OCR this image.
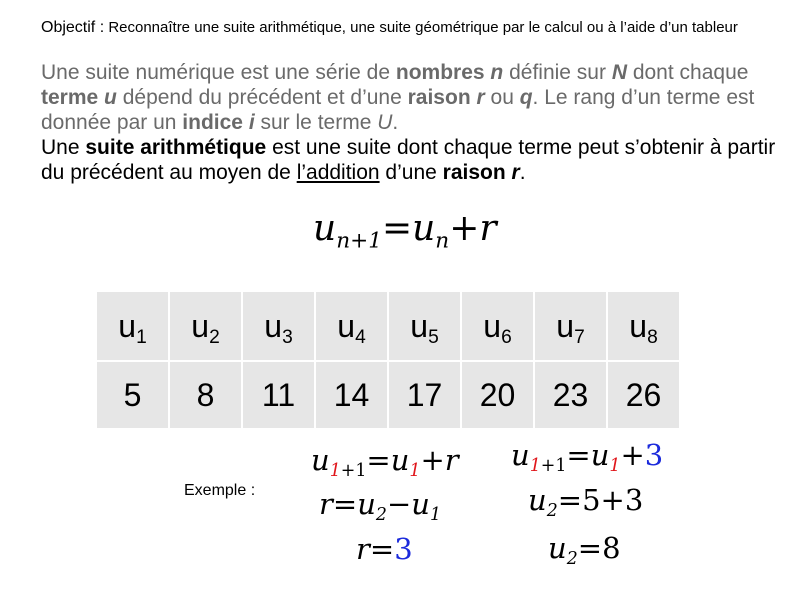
Objectif : Reconnaître une suite arithmétique, une suite géométrique par le calcul ou à l’aide d’un tableur
Une suite numérique est une série de nombres n définie sur N dont chaque terme u dépend du précédent et d’une raison r ou q. Le rang d’un terme est donnée par un indice i sur le terme U.
Une suite arithmétique est une suite dont chaque terme peut s’obtenir à partir du précédent au moyen de l’addition d’une raison r.
$u_{n+1}=u_n+r$
$u_1$	$u_2$	$u_3$	$u_4$	$u_5$	$u_6$	$u_7$	$u_8$
5	8	11	14	17	20	23	26
Exemple :
$u_{1+1}=u_1+r$
$r=u_2-u_1$
r=3
$u_{1+1}=u_1+3$
$u_2=5+3$
$u_2=8$
